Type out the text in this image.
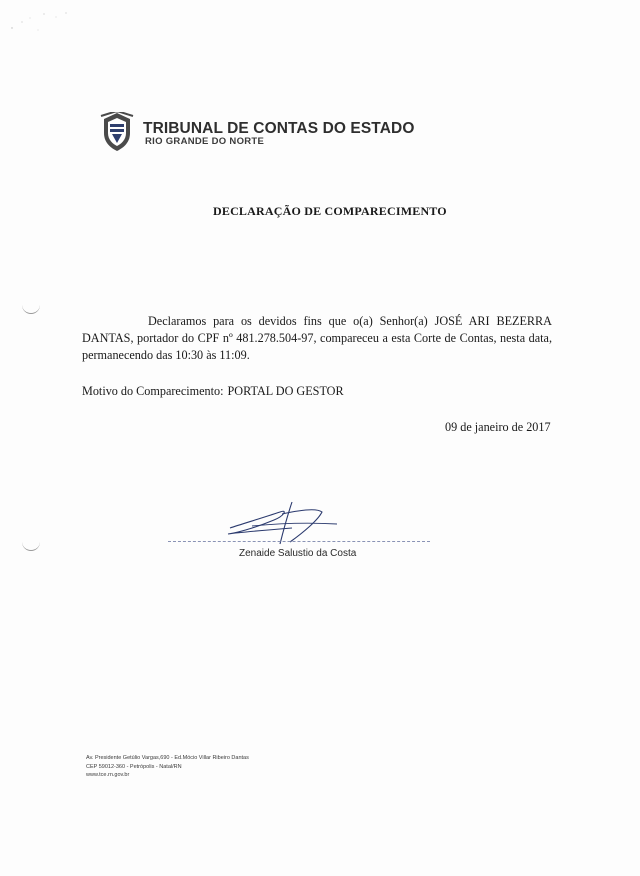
TRIBUNAL DE CONTAS DO ESTADO
RIO GRANDE DO NORTE
DECLARAÇÃO DE COMPARECIMENTO

Declaramos para os devidos fins que o(a) Senhor(a) JOSÉ ARI BEZERRA DANTAS, portador do CPF nº 481.278.504-97, compareceu a esta Corte de Contas, nesta data, permanecendo das 10:30 às 11:09.

Motivo do Comparecimento: PORTAL DO GESTOR
09 de janeiro de 2017
Zenaide Salustio da Costa
Av. Presidente Getúlio Vargas,690 - Ed.Mócio Villar Ribeiro Dantas
CEP 59012-360 - Petrópolis - Natal/RN
www.tce.rn.gov.br
